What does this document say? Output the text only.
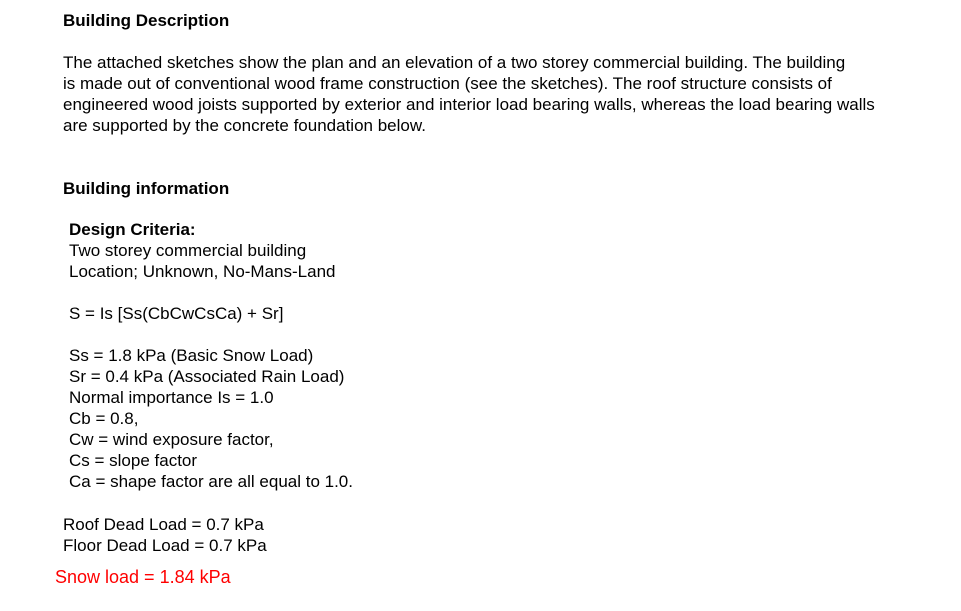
Building Description
The attached sketches show the plan and an elevation of a two storey commercial building. The building
is made out of conventional wood frame construction (see the sketches). The roof structure consists of
engineered wood joists supported by exterior and interior load bearing walls, whereas the load bearing walls
are supported by the concrete foundation below.
Building information
Design Criteria:
Two storey commercial building
Location; Unknown, No-Mans-Land
S = Is [Ss(CbCwCsCa) + Sr]
Ss = 1.8 kPa (Basic Snow Load)
Sr = 0.4 kPa (Associated Rain Load)
Normal importance Is = 1.0
Cb = 0.8,
Cw = wind exposure factor,
Cs = slope factor
Ca = shape factor are all equal to 1.0.
Roof Dead Load = 0.7 kPa
Floor Dead Load = 0.7 kPa
Snow load = 1.84 kPa
